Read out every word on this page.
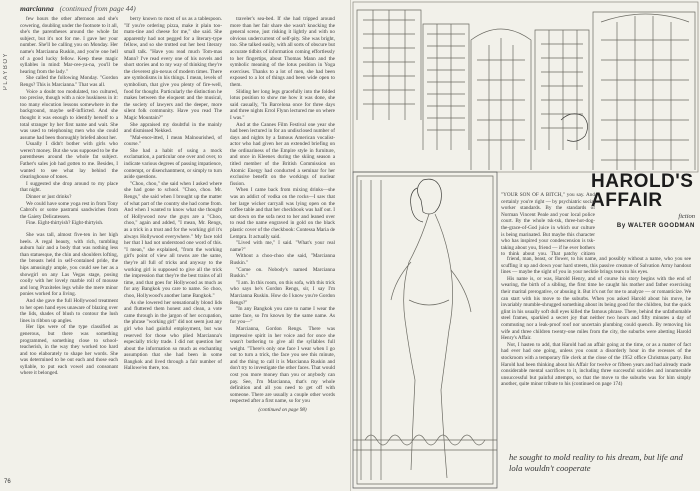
PLAYBOY
marcianna (continued from page 44)

few hours the other afternoon and she's cowering, doubling under the footnote to it all, she's the parentheses around the whole fat subject, but it's not for me. I gave her your number. She'll be calling you on Monday. Her name's Marcianna Ruskin, and you're one hell of a good lucky fellow. Keep these magic syllables in mind: Mar-cee-ya-na, you'll be hearing from the lady."

She called the following Monday. "Gordon Rengs? This is Marcianna." That was all.

Voice a doubt too modulated, too cultured, too precise, though with a nice huskiness in it: too many elocution lessons somewhere in the background, maybe self-inflicted. And she thought it was enough to identify herself to a total stranger by her first name and wait. She was used to telephoning men who she could assume had been thoroughly briefed about her.

Usually I didn't bother with girls who weren't money. But she was supposed to be the parentheses around the whole fat subject. Father's sales job had gotten to me. Besides, I wanted to see what lay behind the clearinghouse of tones.

I suggested she drop around to my place that night.

Dinner or just drinks?

We could have some yoga rest in from Tony Cabrol's or some pastrami sandwiches from the Gaiety Delicatessen.

Fine. Eight-thirtyish? Eight-thirtyish.

She was tall, almost five-ten in her high heels. A regal beauty, with rich, tumbling auburn hair and a body that was nothing less than statuesque, the chin and shoulders lofting, the breasts held in self-contained pride, the hips amusingly ample, you could see her as a showgirl on any Las Vegas stage, posing coolly with her lovely marble roll of mousse and long Praxiteles legs while the mere minor ponies worked for a living.

And she gave the full Hollywood treatment to her open hand eyes unaware of blazing over the lids, shades of blush to contour the lush lines in ribbon up angles.

Her lips were of the type classified as generous, but there was something programmed, something close to school-teacherish, in the way they worked too hard and too elaborately to shape her words. She was determined to be out each and those each syllable, to put each vowel and consonant where it belonged.

berry known to most of us as a tablespoon. "If you're ordering pizza, make it plain too-mato-tine and cheese for me," she said. She apparently had not pegged for a literary-type fellow, and so she trotted out her best literary small talk. "Have you read much Tom-mas Mann? I've read every one of his novels and short stories and to my way of thinking they're the cleverest gin-nexus of modern times. There are symbolisms in his things. I mean, levels of symbolism, that give you plenty of fire-well, food for thought. Particularly the distinction he makes between the eloquent and the musical, the society of lawyers and the deeper, more silent folk community. Have you read The Magic Mountain?"

She appraised my doubtful in the mainly and dismissed Nekked.

"Mal-ence-itted, I mean Malnourished, of course."

She had a habit of using a mock exclamation, a particular one over and over, to indicate various degrees of passing impatience, contempt, or disenchantment, or simply to turn aside questions.

"Choo, choo," she said when I asked where she had gone to school. "Choo, choo. Mr. Rengs," she said when I brought up the matter of what part of the country she had come from. And when I wanted to know what she thought of Hollywood now the guys are a "Choo, choo," again and added, "I mean, Mr. Rengs, as a trick in a trust and for the working girl it's always Hollywood everywhere." My face told her that I had not understood one word of this. "I mean," she explained, "from the working girl's point of view all towns are the same, they're all full of tricks and anyway to the working girl is supposed to give all the trick the impression that they're the best trains of all time, and that goes for Hollywood as much as for any Bangkok you care to name. So choo, choo, Hollywood's another lame Bangkok."

As she lowered her sensationally blond lids and fluttered them honest and clean, a vote came through in the jargon of her occupation, the phrase "working girl" did not seem just any girl who had gainful employment, but was reserved for those who plied Marcianna's especially tricky trade. I did not question her about the information so much as enchanting assumption that she had been in some Bangkok and lived through a fair number of Hallowe'en there, too.

traveler's sea-bed. If she had tripped around more than her fair share she wasn't knocking the general scene, just risking it lightly and with no obvious undercurrent of self-pity. She was bright, too. She talked easily, with all sorts of obscure but accurate tidbits of information coming effortlessly to her fingertips, about Thomas Mann and the symbolic meaning of the lotus position in Yoga exercises. Thanks to a lot of men, she had been exposed to a lot of things and been wide open to them.

Sliding her long legs gracefully into the folded lotus position to show me how it was done, she said casually, "In Barcelona once for three days and three nights Errol Flynn lectured me on where I was."

And at the Cannes Film Festival one year she had been lectured in for an undisclosed number of days and nights by a famous American vocalist-actor who had given her an extended briefing on the ordinariness of the Empire style in furniture, and once in Kleenex during the skiing season a titled member of the British Commission on Atomic Energy had conducted a seminar for her exclusive benefit on the workings of nuclear fission.

When I came back from mixing drinks—she was an addict of vodka on the rocks—I saw that her large wicker carryall was lying open on the coffee table and that her checkbook was half out. I sat down on the sofa next to her and leaned over to read the name engraved in gold on the black plastic cover of the checkbook: Contessa Maria de Lempra. It actually said.

"Lived with me," I said. "What's your real name?"

Without a choo-choo she said, "Marcianna Ruskin."

"Come on. Nobody's named Marcianna Ruskin."

"I am. In this room, on this sofa, with this trick who says he's Gordon Rengs, sir, I say I'm Marcianna Ruskin. How do I know you're Gordon Rengs?"

"In any Bangkok you care to name I wear the same face, so I'm known by the same name. As for you—"

Marcianna, Gordon Rengs. There was impressive spirit in her voice and for once she wasn't bothering to give all the syllables full weight. "There's only one face I wear when I go out to turn a trick, the face you see this minute, and the thing to call it is Marcianna Ruskin and don't try to investigate the other faces. That would cost you more money than you or anybody can pay. See, I'm Marcianna, that's my whole definition and all you need to get off with someone. There are usually a couple other words respected after a first name, so for you

(continued on page 98)

76
HAROLD'S AFFAIR
fiction
By WALTER GOODMAN

"YOUR SON OF A BITCH," you say. And certainly you're right — by psychiatric social worker standards. By the standards of Norman Vincent Peale and your local police court. By the whole tsk-tsk, three-hot-dog-the-grace-of-God juice in which our culture is being marinated. But maybe this character who has inspired your condescension is tsk-taking about you, friend — if he ever bothers to think about you. That patchy citizen

friend, man, beast, or flower, to his name, and possibly without a name, who you see scuffing it up and down your hard streets, this passive creature of Salvation Army handout lines — maybe the sight of you in your necktie brings tears to his eyes.

His name is, or was, Harold Henry, and of course his story begins with the end of wearing, the birth of a sibling, the first time he caught his mother and father exercising their marital prerogative, or abusing it. But it's not for me to analyze — or romanticize. We can start with his move to the suburbs. When you asked Harold about his move, he invariably mumble-shrugged something about its being good for the children, but the quick glint in his usually soft dull eyes killed the famous phrase. There, behind the unfathomable steel frames, sparkled a secret joy that neither two hours and fifty minutes a day of commuting nor a leak-proof roof nor uncertain plumbing could quench. By removing his wife and three children twenty-one miles from the city, the suburbs were abetting Harold Henry's Affair.

Not, I hasten to add, that Harold had an affair going at the time, or as a matter of fact had ever had one going, unless you count a disorderly hour in the recesses of the stockroom with a temporary file clerk at the close of the 1952 office Christmas party. But Harold had been thinking about his Affair for twelve or fifteen years and had already made considerable mental sacrifices to it, including three successful suicides and innumerable unsuccessful but painful attempts, so that the move to the suburbs was for him simply another, quite minor tribute to his (continued on page 174)

he sought to mold reality to his dream, but life and lola wouldn't cooperate
